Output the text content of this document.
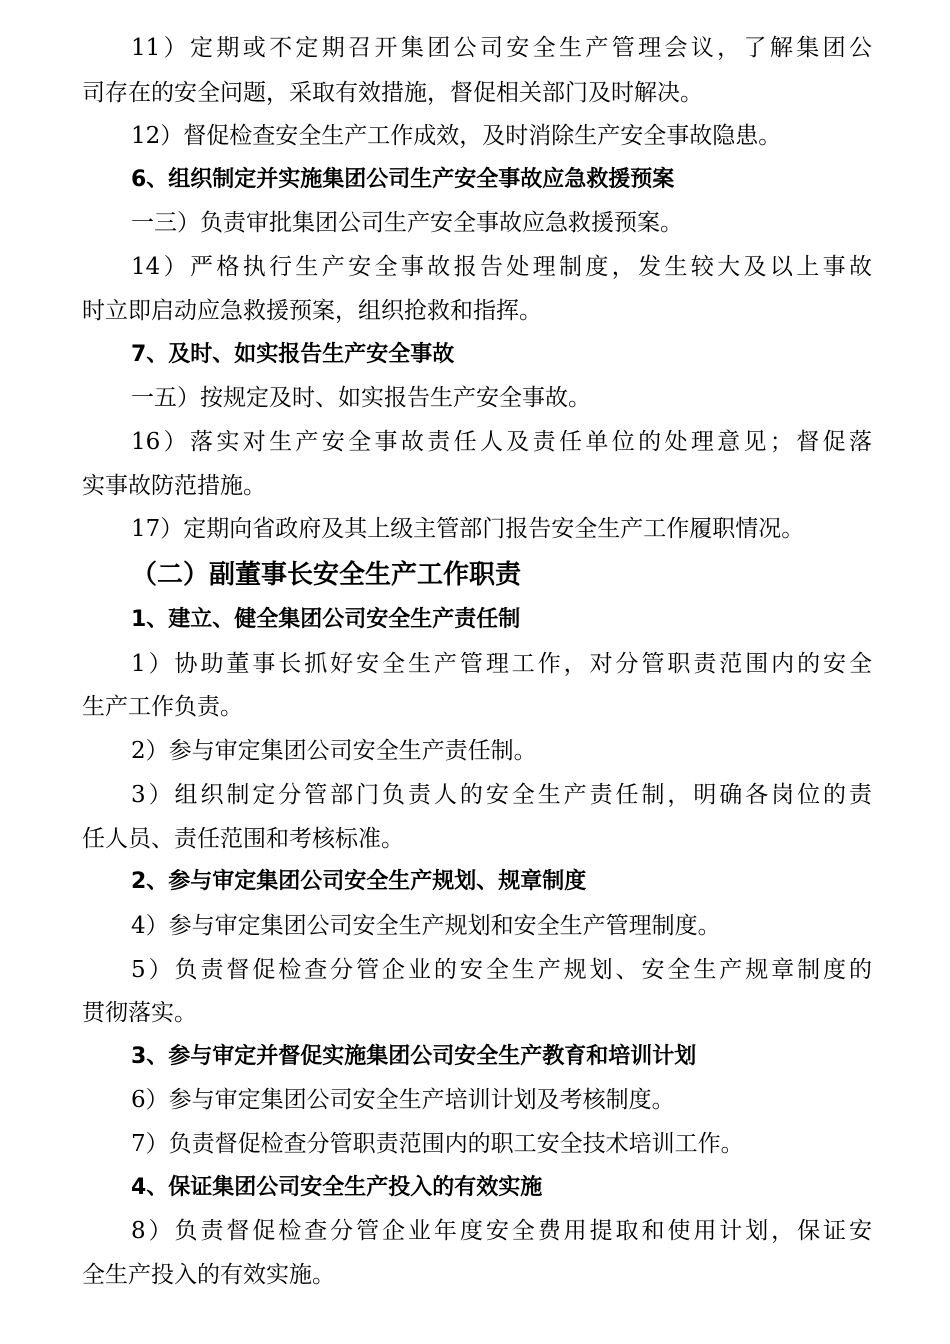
11）定期或不定期召开集团公司安全生产管理会议，了解集团公
司存在的安全问题，采取有效措施，督促相关部门及时解决。
12）督促检查安全生产工作成效，及时消除生产安全事故隐患。
6、组织制定并实施集团公司生产安全事故应急救援预案
一三）负责审批集团公司生产安全事故应急救援预案。
14）严格执行生产安全事故报告处理制度，发生较大及以上事故
时立即启动应急救援预案，组织抢救和指挥。
7、及时、如实报告生产安全事故
一五）按规定及时、如实报告生产安全事故。
16）落实对生产安全事故责任人及责任单位的处理意见；督促落
实事故防范措施。
17）定期向省政府及其上级主管部门报告安全生产工作履职情况。
（二）副董事长安全生产工作职责
1、建立、健全集团公司安全生产责任制
1）协助董事长抓好安全生产管理工作，对分管职责范围内的安全
生产工作负责。
2）参与审定集团公司安全生产责任制。
3）组织制定分管部门负责人的安全生产责任制，明确各岗位的责
任人员、责任范围和考核标准。
2、参与审定集团公司安全生产规划、规章制度
4）参与审定集团公司安全生产规划和安全生产管理制度。
5）负责督促检查分管企业的安全生产规划、安全生产规章制度的
贯彻落实。
3、参与审定并督促实施集团公司安全生产教育和培训计划
6）参与审定集团公司安全生产培训计划及考核制度。
7）负责督促检查分管职责范围内的职工安全技术培训工作。
4、保证集团公司安全生产投入的有效实施
8）负责督促检查分管企业年度安全费用提取和使用计划，保证安
全生产投入的有效实施。
